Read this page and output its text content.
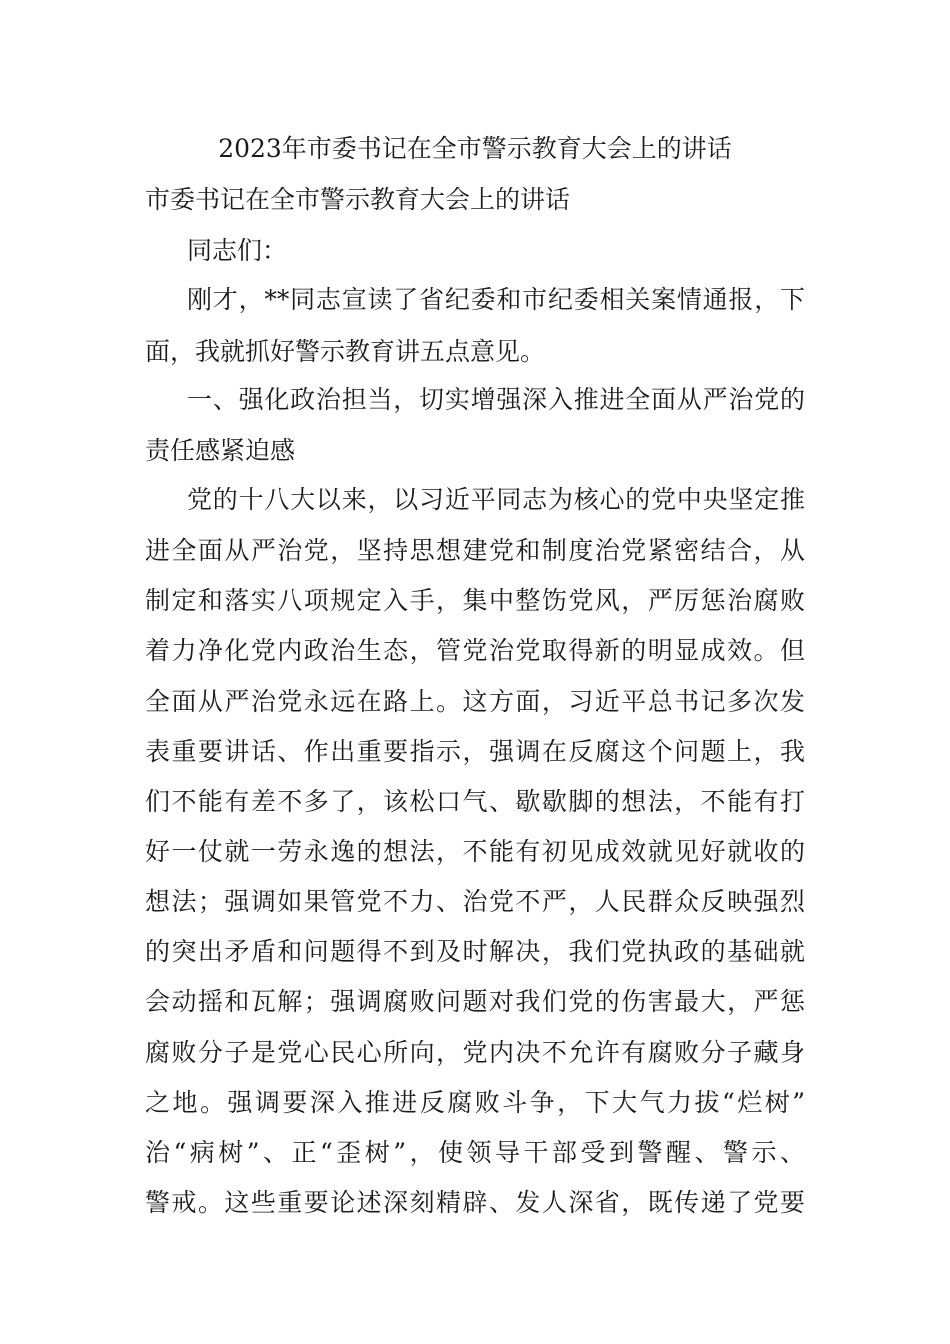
2023年市委书记在全市警示教育大会上的讲话
市委书记在全市警示教育大会上的讲话
同志们：
刚才，**同志宣读了省纪委和市纪委相关案情通报，下
面，我就抓好警示教育讲五点意见。
一、强化政治担当，切实增强深入推进全面从严治党的
责任感紧迫感
党的十八大以来，以习近平同志为核心的党中央坚定推
进全面从严治党，坚持思想建党和制度治党紧密结合，从
制定和落实八项规定入手，集中整饬党风，严厉惩治腐败
着力净化党内政治生态，管党治党取得新的明显成效。但
全面从严治党永远在路上。这方面，习近平总书记多次发
表重要讲话、作出重要指示，强调在反腐这个问题上，我
们不能有差不多了，该松口气、歇歇脚的想法，不能有打
好一仗就一劳永逸的想法，不能有初见成效就见好就收的
想法；强调如果管党不力、治党不严，人民群众反映强烈
的突出矛盾和问题得不到及时解决，我们党执政的基础就
会动摇和瓦解；强调腐败问题对我们党的伤害最大，严惩
腐败分子是党心民心所向，党内决不允许有腐败分子藏身
之地。强调要深入推进反腐败斗争，下大气力拔“烂树”
治“病树”、正“歪树”，使领导干部受到警醒、警示、
警戒。这些重要论述深刻精辟、发人深省，既传递了党要
